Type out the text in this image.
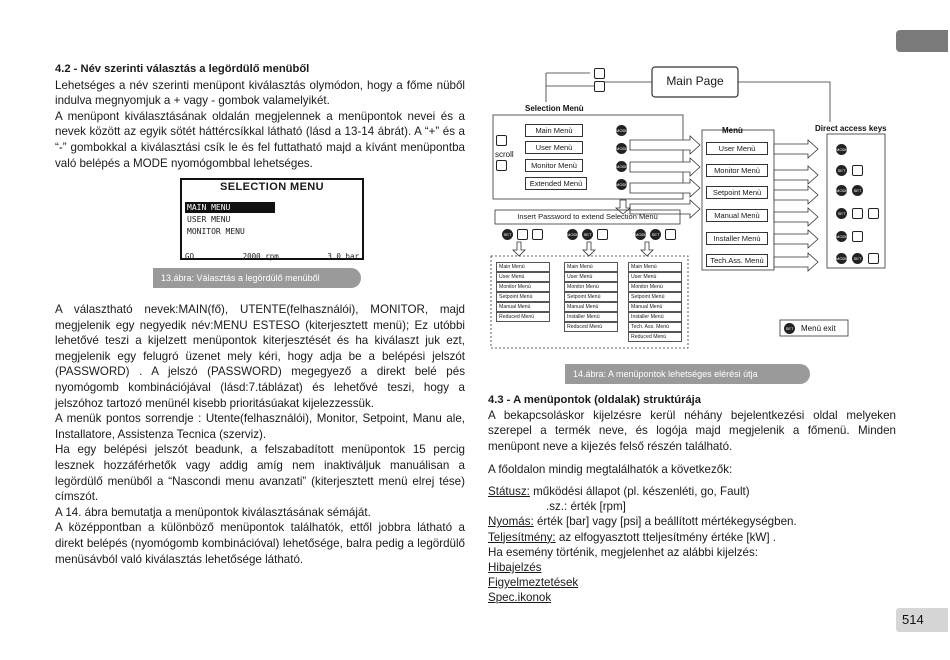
4.2 - Név szerinti választás a legördülő menüből

Lehetséges a név szerinti menüpont kiválasztás olymódon, hogy a főme nüből indulva megnyomjuk a + vagy - gombok valamelyikét.

A menüpont kiválasztásának oldalán megjelennek a menüpontok nevei és a nevek között az egyik sötét háttércsíkkal látható (lásd a 13-14 ábrát). A “+” és a “-” gombokkal a kiválasztási csík le és fel futtatható majd a kívánt menüpontba való belépés a MODE nyomógombbal lehetséges.

SELECTION MENU
MAIN MENU
USER MENU
MONITOR MENU
GO	2000 rpm	3,0 bar
13.ábra: Választás a legördülő menüből

A választható nevek:MAIN(fő), UTENTE(felhasználói), MONITOR, majd megjelenik egy negyedik név:MENU ESTESO (kiterjesztett menü); Ez utóbbi lehetővé teszi a kijelzett menüpontok kiterjesztését és ha kiválaszt juk ezt, megjelenik egy felugró üzenet mely kéri, hogy adja be a belépési jelszót (PASSWORD) . A jelszó (PASSWORD) megegyező a direkt belé pés nyomógomb kombinációjával (lásd:7.táblázat) és lehetővé teszi, hogy a jelszóhoz tartozó menünél kisebb prioritásúakat kijelezzessük.

A menük pontos sorrendje : Utente(felhasználói), Monitor, Setpoint, Manu ale, Installatore, Assistenza Tecnica (szerviz).

Ha egy belépési jelszót beadunk, a felszabadított menüpontok 15 percig lesznek hozzáférhetők vagy addig amíg nem inaktiváljuk manuálisan a legördülő menüből a “Nascondi menu avanzati” (kiterjesztett menü elrej tése) címszót.

A 14. ábra bemutatja a menüpontok kiválasztásának sémáját.

A középpontban a különböző menüpontok találhatók, ettől jobbra látható a direkt belépés (nyomógomb kombinációval) lehetősége, balra pedig a legördülő menüsávból való kiválasztás lehetősége látható.

Main Page
Selection Menù
Menù	Direct access keys
scroll
Main Menù
User Menù
Monitor Menù
Extended Menù
MODE
MODE
MODE
MODE
User Menù
Monitor Menù
Setpoint Menù
Manual Menù
Installer Menù
Tech.Ass. Menù
MODE
SET
MODE	SET
SET
MODE
MODE	SET
Insert Password to extend Selection Menù
SET	MODE	SET	MODE	SET
Main Menù
User Menù
Monitor Menù
Setpoint Menù
Manual Menù
Reduced Menù
Main Menù
User Menù
Monitor Menù
Setpoint Menù
Manual Menù
Installer Menù
Reduced Menù
Main Menù
User Menù
Monitor Menù
Setpoint Menù
Manual Menù
Installer Menù
Tech. Ass. Menù
Reduced Menù
SET Menù exit
14.ábra: A menüpontok lehetséges elérési útja

4.3 - A menüpontok (oldalak) struktúrája

A bekapcsoláskor kijelzésre kerül néhány bejelentkezési oldal melyeken szerepel a termék neve, és logója majd megjelenik a főmenü. Minden menüpont neve a kijezés felső részén található.

A főoldalon mindig megtalálhatók a következők:

Státusz: működési állapot (pl. készenléti, go, Fault)

.sz.: érték [rpm]

Nyomás: érték [bar] vagy [psi] a beállított mértékegységben.

Teljesítmény: az elfogyasztott tteljesítmény értéke [kW] .

Ha esemény történik, megjelenhet az alábbi kijelzés:

Hibajelzés

Figyelmeztetések

Spec.ikonok

514
